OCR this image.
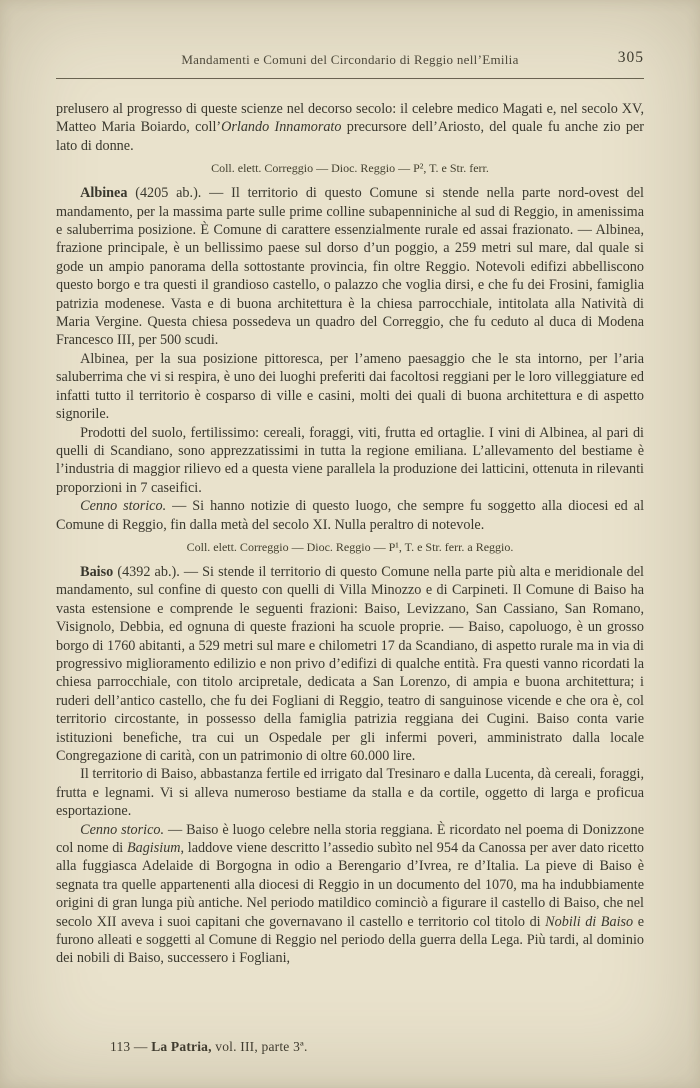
Mandamenti e Comuni del Circondario di Reggio nell’Emilia	305

prelusero al progresso di queste scienze nel decorso secolo: il celebre medico Magati e, nel secolo XV, Matteo Maria Boiardo, coll’Orlando Innamorato precursore dell’Ariosto, del quale fu anche zio per lato di donne.

Coll. elett. Correggio — Dioc. Reggio — P², T. e Str. ferr.

Albinea (4205 ab.). — Il territorio di questo Comune si stende nella parte nord-ovest del mandamento, per la massima parte sulle prime colline subapenniniche al sud di Reggio, in amenissima e saluberrima posizione. È Comune di carattere essenzialmente rurale ed assai frazionato. — Albinea, frazione principale, è un bellissimo paese sul dorso d’un poggio, a 259 metri sul mare, dal quale si gode un ampio panorama della sottostante provincia, fin oltre Reggio. Notevoli edifizi abbelliscono questo borgo e tra questi il grandioso castello, o palazzo che voglia dirsi, e che fu dei Frosini, famiglia patrizia modenese. Vasta e di buona architettura è la chiesa parrocchiale, intitolata alla Natività di Maria Vergine. Questa chiesa possedeva un quadro del Correggio, che fu ceduto al duca di Modena Francesco III, per 500 scudi.

Albinea, per la sua posizione pittoresca, per l’ameno paesaggio che le sta intorno, per l’aria saluberrima che vi si respira, è uno dei luoghi preferiti dai facoltosi reggiani per le loro villeggiature ed infatti tutto il territorio è cosparso di ville e casini, molti dei quali di buona architettura e di aspetto signorile.

Prodotti del suolo, fertilissimo: cereali, foraggi, viti, frutta ed ortaglie. I vini di Albinea, al pari di quelli di Scandiano, sono apprezzatissimi in tutta la regione emiliana. L’allevamento del bestiame è l’industria di maggior rilievo ed a questa viene parallela la produzione dei latticini, ottenuta in rilevanti proporzioni in 7 caseifici.

Cenno storico. — Si hanno notizie di questo luogo, che sempre fu soggetto alla diocesi ed al Comune di Reggio, fin dalla metà del secolo XI. Nulla peraltro di notevole.

Coll. elett. Correggio — Dioc. Reggio — P¹, T. e Str. ferr. a Reggio.

Baiso (4392 ab.). — Si stende il territorio di questo Comune nella parte più alta e meridionale del mandamento, sul confine di questo con quelli di Villa Minozzo e di Carpineti. Il Comune di Baiso ha vasta estensione e comprende le seguenti frazioni: Baiso, Levizzano, San Cassiano, San Romano, Visignolo, Debbia, ed ognuna di queste frazioni ha scuole proprie. — Baiso, capoluogo, è un grosso borgo di 1760 abitanti, a 529 metri sul mare e chilometri 17 da Scandiano, di aspetto rurale ma in via di progressivo miglioramento edilizio e non privo d’edifizi di qualche entità. Fra questi vanno ricordati la chiesa parrocchiale, con titolo arcipretale, dedicata a San Lorenzo, di ampia e buona architettura; i ruderi dell’antico castello, che fu dei Fogliani di Reggio, teatro di sanguinose vicende e che ora è, col territorio circostante, in possesso della famiglia patrizia reggiana dei Cugini. Baiso conta varie istituzioni benefiche, tra cui un Ospedale per gli infermi poveri, amministrato dalla locale Congregazione di carità, con un patrimonio di oltre 60.000 lire.

Il territorio di Baiso, abbastanza fertile ed irrigato dal Tresinaro e dalla Lucenta, dà cereali, foraggi, frutta e legnami. Vi si alleva numeroso bestiame da stalla e da cortile, oggetto di larga e proficua esportazione.

Cenno storico. — Baiso è luogo celebre nella storia reggiana. È ricordato nel poema di Donizzone col nome di Bagisium, laddove viene descritto l’assedio subìto nel 954 da Canossa per aver dato ricetto alla fuggiasca Adelaide di Borgogna in odio a Berengario d’Ivrea, re d’Italia. La pieve di Baiso è segnata tra quelle appartenenti alla diocesi di Reggio in un documento del 1070, ma ha indubbiamente origini di gran lunga più antiche. Nel periodo matildico cominciò a figurare il castello di Baiso, che nel secolo XII aveva i suoi capitani che governavano il castello e territorio col titolo di Nobili di Baiso e furono alleati e soggetti al Comune di Reggio nel periodo della guerra della Lega. Più tardi, al dominio dei nobili di Baiso, successero i Fogliani,

113 — La Patria, vol. III, parte 3ª.
